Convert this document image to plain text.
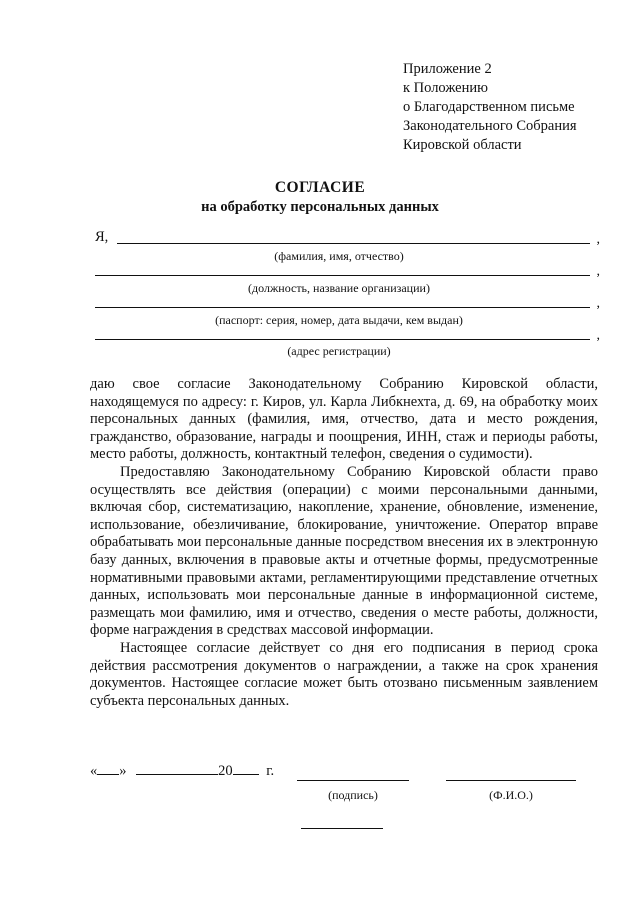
Приложение 2
к Положению
о Благодарственном письме
Законодательного Собрания
Кировской области
СОГЛАСИЕ
на обработку персональных данных
Я,	,
(фамилия, имя, отчество)
,
(должность, название организации)
,
(паспорт: серия, номер, дата выдачи, кем выдан)
,
(адрес регистрации)

даю свое согласие Законодательному Собранию Кировской области, находящемуся по адресу: г. Киров, ул. Карла Либкнехта, д. 69, на обработку моих персональных данных (фамилия, имя, отчество, дата и место рождения, гражданство, образование, награды и поощрения, ИНН, стаж и периоды работы, место работы, должность, контактный телефон, сведения о судимости).

Предоставляю Законодательному Собранию Кировской области право осуществлять все действия (операции) с моими персональными данными, включая сбор, систематизацию, накопление, хранение, обновление, изменение, использование, обезличивание, блокирование, уничтожение. Оператор вправе обрабатывать мои персональные данные посредством внесения их в электронную базу данных, включения в правовые акты и отчетные формы, предусмотренные нормативными правовыми актами, регламентирующими представление отчетных данных, использовать мои персональные данные в информационной системе, размещать мои фамилию, имя и отчество, сведения о месте работы, должности, форме награждения в средствах массовой информации.

Настоящее согласие действует со дня его подписания в период срока действия рассмотрения документов о награждении, а также на срок хранения документов. Настоящее согласие может быть отозвано письменным заявлением субъекта персональных данных.

« »	20 г.
(подпись)	(Ф.И.О.)
